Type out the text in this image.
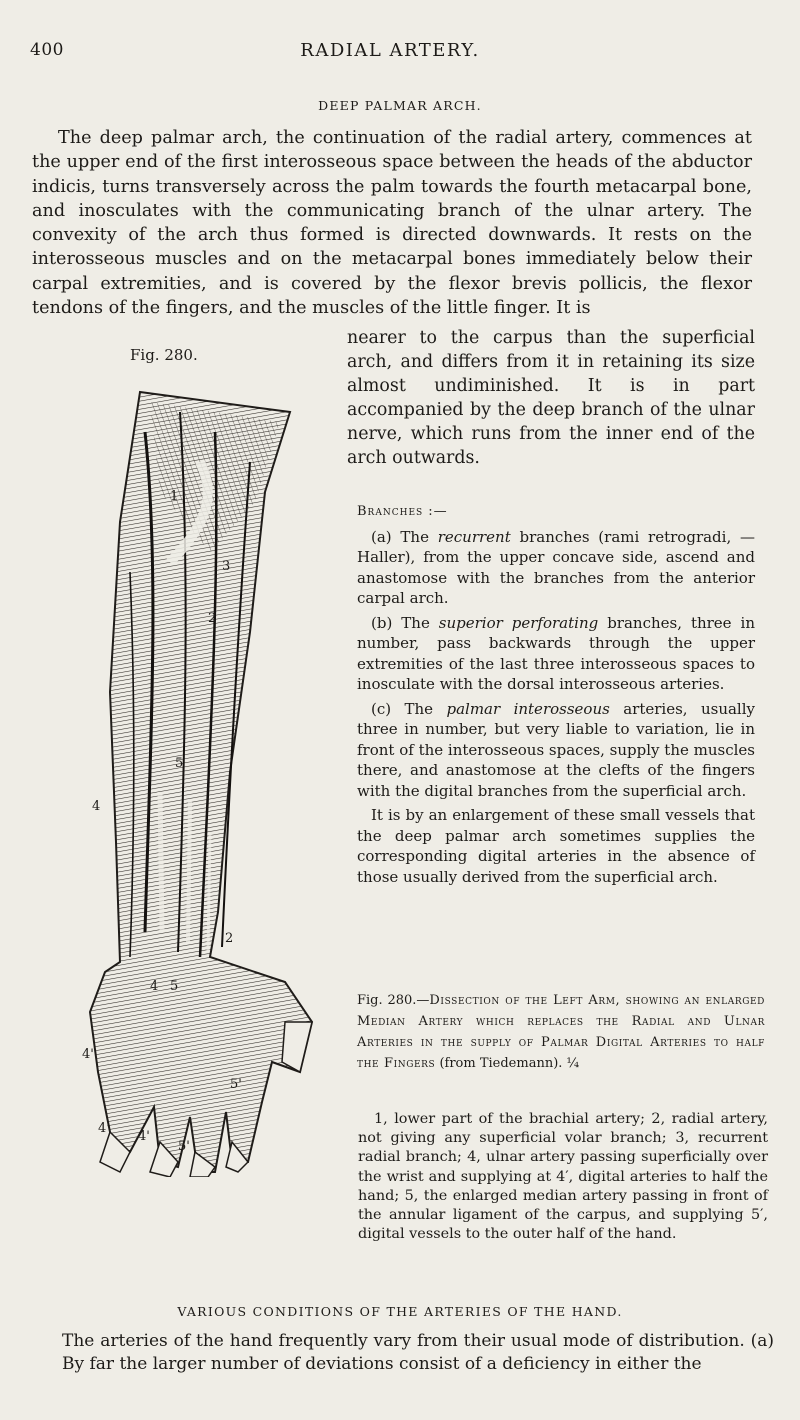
400	RADIAL ARTERY.
DEEP PALMAR ARCH.

The deep palmar arch, the continuation of the radial artery, commences at the upper end of the first interosseous space between the heads of the abductor indicis, turns transversely across the palm towards the fourth metacarpal bone, and inosculates with the communicating branch of the ulnar artery. The convexity of the arch thus formed is directed downwards. It rests on the interosseous muscles and on the metacarpal bones immediately below their carpal extremities, and is covered by the flexor brevis pollicis, the flexor tendons of the fingers, and the muscles of the little finger. It is

Fig. 280.

nearer to the carpus than the superficial arch, and differs from it in retaining its size almost undiminished. It is in part accompanied by the deep branch of the ulnar nerve, which runs from the inner end of the arch outwards.

1
3
2
5
4
2
4 5
4'
5'
4'
4'
5'

Branches :—

(a) The recurrent branches (rami retrogradi, —Haller), from the upper concave side, ascend and anastomose with the branches from the anterior carpal arch.

(b) The superior perforating branches, three in number, pass backwards through the upper extremities of the last three interosseous spaces to inosculate with the dorsal interosseous arteries.

(c) The palmar interosseous arteries, usually three in number, but very liable to variation, lie in front of the interosseous spaces, supply the muscles there, and anastomose at the clefts of the fingers with the digital branches from the superficial arch.

It is by an enlargement of these small vessels that the deep palmar arch sometimes supplies the corresponding digital arteries in the absence of those usually derived from the superficial arch.

Fig. 280.—Dissection of the Left Arm, showing an enlarged Median Artery which replaces the Radial and Ulnar Arteries in the supply of Palmar Digital Arteries to half the Fingers (from Tiedemann). ¼

1, lower part of the brachial artery; 2, radial artery, not giving any superficial volar branch; 3, recurrent radial branch; 4, ulnar artery passing superficially over the wrist and supplying at 4′, digital arteries to half the hand; 5, the enlarged median artery passing in front of the annular ligament of the carpus, and supplying 5′, digital vessels to the outer half of the hand.

VARIOUS CONDITIONS OF THE ARTERIES OF THE HAND.

The arteries of the hand frequently vary from their usual mode of distribution. (a) By far the larger number of deviations consist of a deficiency in either the
